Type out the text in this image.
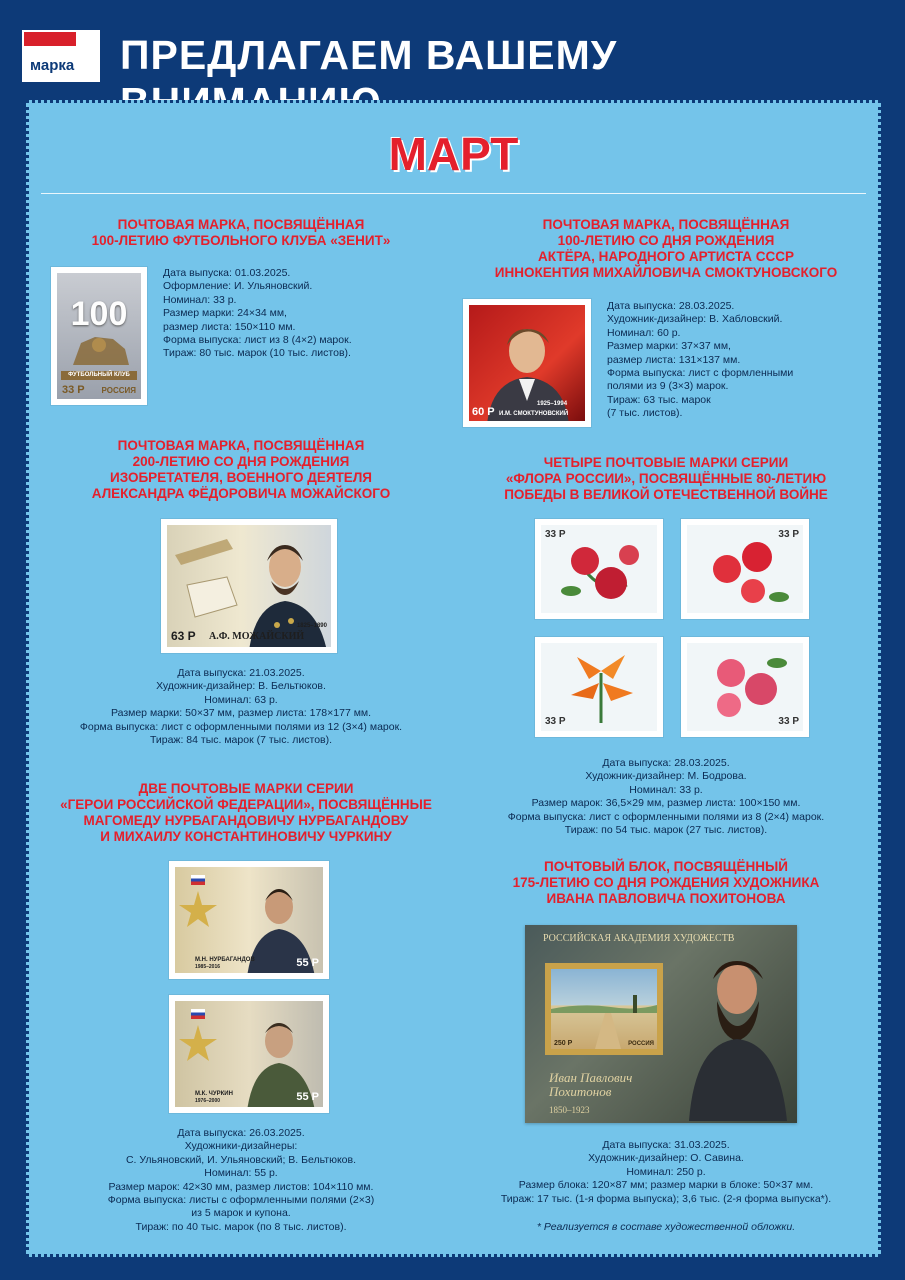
марка ПРЕДЛАГАЕМ ВАШЕМУ
МАРТ
ПОЧТОВАЯ МАРКА, ПОСВЯЩЁННАЯ
100-ЛЕТИЮ ФУТБОЛЬНОГО КЛУБА «ЗЕНИТ»
100
ФУТБОЛЬНЫЙ КЛУБ
33 Р РОССИЯ
Дата выпуска: 01.03.2025.
Оформление: И. Ульяновский.
Номинал: 33 р.
Размер марки: 24×34 мм,
размер листа: 150×110 мм.
Форма выпуска: лист из 8 (4×2) марок.
Тираж: 80 тыс. марок (10 тыс. листов).
ПОЧТОВАЯ МАРКА, ПОСВЯЩЁННАЯ
100-ЛЕТИЮ СО ДНЯ РОЖДЕНИЯ
АКТЁРА, НАРОДНОГО АРТИСТА СССР
ИННОКЕНТИЯ МИХАЙЛОВИЧА СМОКТУНОВСКОГО
60 Р И.М. СМОКТУНОВСКИЙ
1925–1994
Дата выпуска: 28.03.2025.
Художник-дизайнер: В. Хабловский.
Номинал: 60 р.
Размер марки: 37×37 мм,
размер листа: 131×137 мм.
Форма выпуска: лист с формленными
полями из 9 (3×3) марок.
Тираж: 63 тыс. марок
(7 тыс. листов).
ПОЧТОВАЯ МАРКА, ПОСВЯЩЁННАЯ
200-ЛЕТИЮ СО ДНЯ РОЖДЕНИЯ
ИЗОБРЕТАТЕЛЯ, ВОЕННОГО ДЕЯТЕЛЯ
АЛЕКСАНДРА ФЁДОРОВИЧА МОЖАЙСКОГО
63 Р А.Ф. МОЖАЙСКИЙ
1825–1890
Дата выпуска: 21.03.2025.
Художник-дизайнер: В. Бельтюков.
Номинал: 63 р.
Размер марки: 50×37 мм, размер листа: 178×177 мм.
Форма выпуска: лист с оформленными полями из 12 (3×4) марок.
Тираж: 84 тыс. марок (7 тыс. листов).
ЧЕТЫРЕ ПОЧТОВЫЕ МАРКИ СЕРИИ
«ФЛОРА РОССИИ», ПОСВЯЩЁННЫЕ 80-ЛЕТИЮ
ПОБЕДЫ В ВЕЛИКОЙ ОТЕЧЕСТВЕННОЙ ВОЙНЕ
33 Р	33 Р
33 Р	33 Р
Дата выпуска: 28.03.2025.
Художник-дизайнер: М. Бодрова.
Номинал: 33 р.
Размер марок: 36,5×29 мм, размер листа: 100×150 мм.
Форма выпуска: лист с оформленными полями из 8 (2×4) марок.
Тираж: по 54 тыс. марок (27 тыс. листов).
ДВЕ ПОЧТОВЫЕ МАРКИ СЕРИИ
«ГЕРОИ РОССИЙСКОЙ ФЕДЕРАЦИИ», ПОСВЯЩЁННЫЕ
МАГОМЕДУ НУРБАГАНДОВИЧУ НУРБАГАНДОВУ
И МИХАИЛУ КОНСТАНТИНОВИЧУ ЧУРКИНУ
М.Н. НУРБАГАНДОВ
1985–2016	55 Р
М.К. ЧУРКИН
1976–2000	55 Р
Дата выпуска: 26.03.2025.
Художники-дизайнеры:
С. Ульяновский, И. Ульяновский; В. Бельтюков.
Номинал: 55 р.
Размер марок: 42×30 мм, размер листов: 104×110 мм.
Форма выпуска: листы с оформленными полями (2×3)
из 5 марок и купона.
Тираж: по 40 тыс. марок (по 8 тыс. листов).
ПОЧТОВЫЙ БЛОК, ПОСВЯЩЁННЫЙ
175-ЛЕТИЮ СО ДНЯ РОЖДЕНИЯ ХУДОЖНИКА
ИВАНА ПАВЛОВИЧА ПОХИТОНОВА
РОССИЙСКАЯ АКАДЕМИЯ ХУДОЖЕСТВ
250 Р	РОССИЯ
Иван Павлович Похитонов
1850–1923
Дата выпуска: 31.03.2025.
Художник-дизайнер: О. Савина.
Номинал: 250 р.
Размер блока: 120×87 мм; размер марки в блоке: 50×37 мм.
Тираж: 17 тыс. (1-я форма выпуска); 3,6 тыс. (2-я форма выпуска*).
* Реализуется в составе художественной обложки.
